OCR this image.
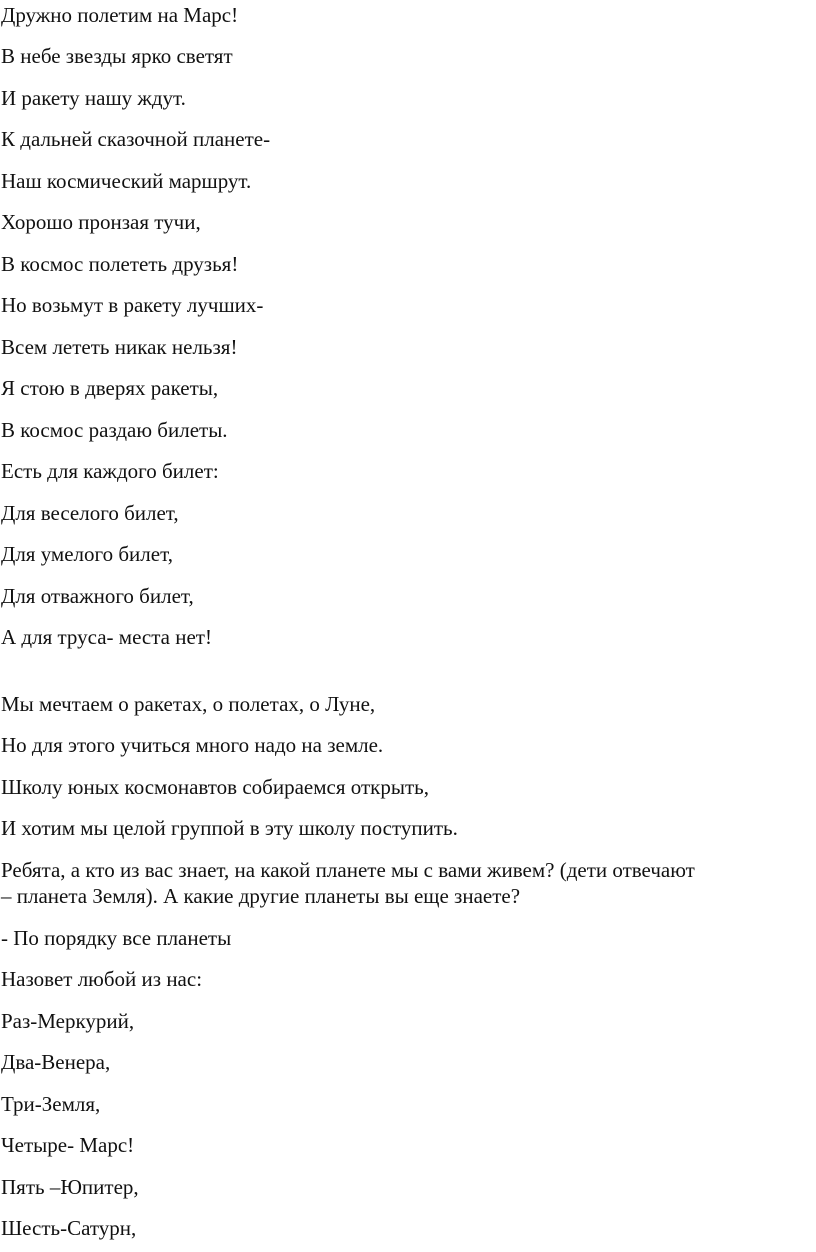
Дружно полетим на Марс!
В небе звезды ярко светят
И ракету нашу ждут.
К дальней сказочной планете-
Наш космический маршрут.
Хорошо пронзая тучи,
В космос полететь друзья!
Но возьмут в ракету лучших-
Всем лететь никак нельзя!
Я стою в дверях ракеты,
В космос раздаю билеты.
Есть для каждого билет:
Для веселого билет,
Для умелого билет,
Для отважного билет,
А для труса- места нет!
Мы мечтаем о ракетах, о полетах, о Луне,
Но для этого учиться много надо на земле.
Школу юных космонавтов собираемся открыть,
И хотим мы целой группой в эту школу поступить.
Ребята, а кто из вас знает, на какой планете мы с вами живем? (дети отвечают
– планета Земля). А какие другие планеты вы еще знаете?
- По порядку все планеты
Назовет любой из нас:
Раз-Меркурий,
Два-Венера,
Три-Земля,
Четыре- Марс!
Пять –Юпитер,
Шесть-Сатурн,
